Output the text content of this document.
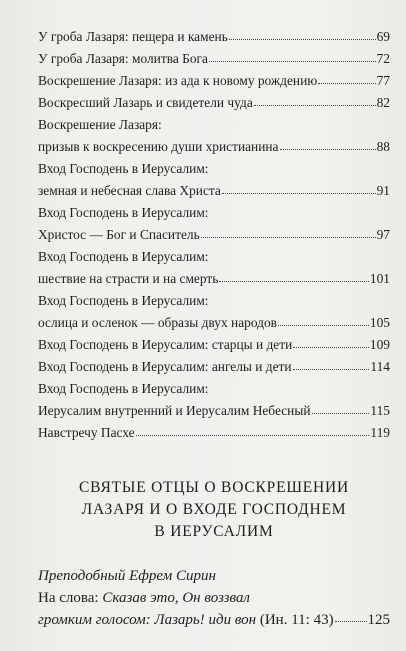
У гроба Лазаря: пещера и камень	69
У гроба Лазаря: молитва Бога	72
Воскрешение Лазаря: из ада к новому рождению	77
Воскресший Лазарь и свидетели чуда	82
Воскрешение Лазаря:
призыв к воскресению души христианина	88
Вход Господень в Иерусалим:
земная и небесная слава Христа	91
Вход Господень в Иерусалим:
Христос — Бог и Спаситель	97
Вход Господень в Иерусалим:
шествие на страсти и на смерть	101
Вход Господень в Иерусалим:
ослица и осленок — образы двух народов	105
Вход Господень в Иерусалим: старцы и дети	109
Вход Господень в Иерусалим: ангелы и дети	114
Вход Господень в Иерусалим:
Иерусалим внутренний и Иерусалим Небесный	115
Навстречу Пасхе	119
СВЯТЫЕ ОТЦЫ О ВОСКРЕШЕНИИ
ЛАЗАРЯ И О ВХОДЕ ГОСПОДНЕМ
В ИЕРУСАЛИМ
Преподобный Ефрем Сирин
На слова: Сказав это, Он воззвал
громким голосом: Лазарь! иди вон (Ин. 11: 43) 125
